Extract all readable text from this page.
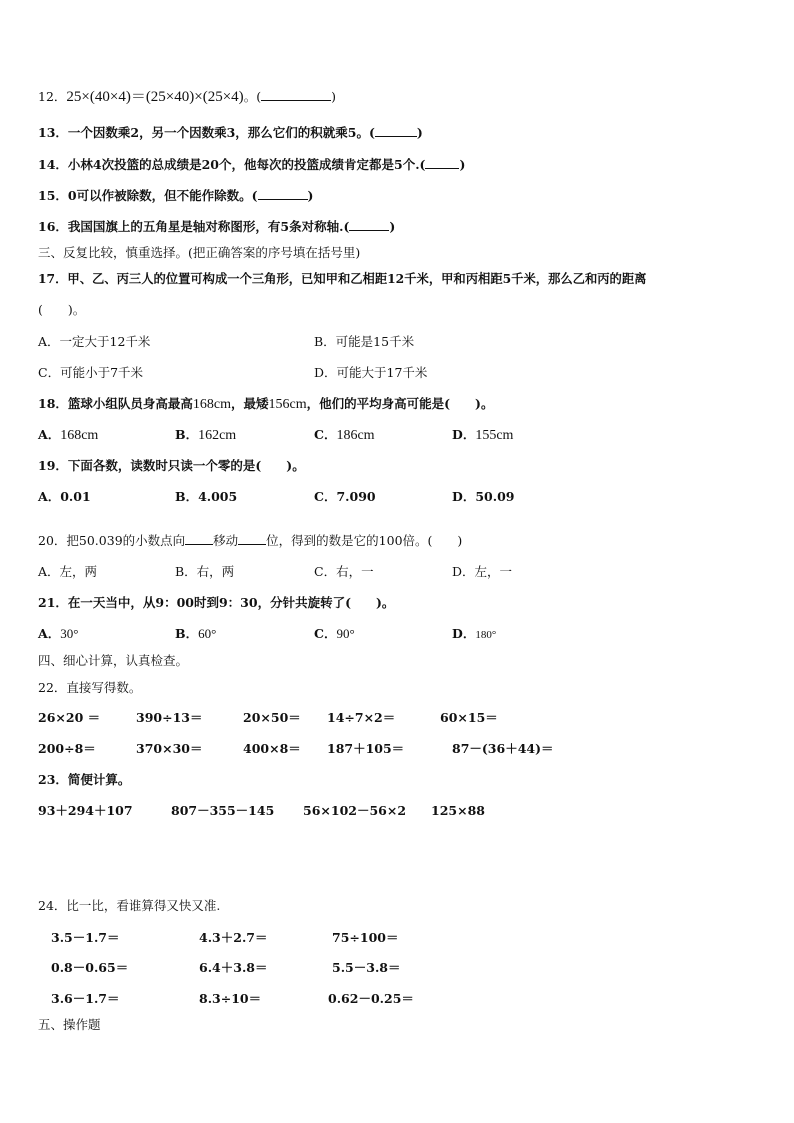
12．25×(40×4)＝(25×40)×(25×4)。(	)
13．一个因数乘2，另一个因数乘3，那么它们的积就乘5。(	)
14．小林4次投篮的总成绩是20个，他每次的投篮成绩肯定都是5个.(	)
15．0可以作被除数，但不能作除数。(	)
16．我国国旗上的五角星是轴对称图形，有5条对称轴.(	)
三、反复比较，慎重选择。(把正确答案的序号填在括号里)
17．甲、乙、丙三人的位置可构成一个三角形，已知甲和乙相距12千米，甲和丙相距5千米，那么乙和丙的距离
(　　)。
A．一定大于12千米	B．可能是15千米
C．可能小于7千米	D．可能大于17千米
18．篮球小组队员身高最高168cm，最矮156cm，他们的平均身高可能是(　　)。
A．168cm	B．162cm	C．186cm	D．155cm
19．下面各数，读数时只读一个零的是(　　)。
A．0.01	B．4.005	C．7.090	D．50.09
20．把50.039的小数点向 移动 位，得到的数是它的100倍。(　　)
A．左，两	B．右，两	C．右，一	D．左，一
21．在一天当中，从9：00时到9：30，分针共旋转了(　　)。
A．30°	B．60°	C．90°	D．180°
四、细心计算，认真检查。
22．直接写得数。
26×20 ＝	390÷13＝	20×50＝ 14÷7×2＝	60×15＝
200÷8＝	370×30＝	400×8＝ 187＋105＝	87－(36＋44)＝
23．简便计算。
93＋294＋107	807－355－145 56×102－56×2 125×88
24．比一比，看谁算得又快又准.
3.5－1.7＝	4.3＋2.7＝	75÷100＝
0.8－0.65＝	6.4＋3.8＝	5.5－3.8＝
3.6－1.7＝	8.3÷10＝	0.62－0.25＝
五、操作题
